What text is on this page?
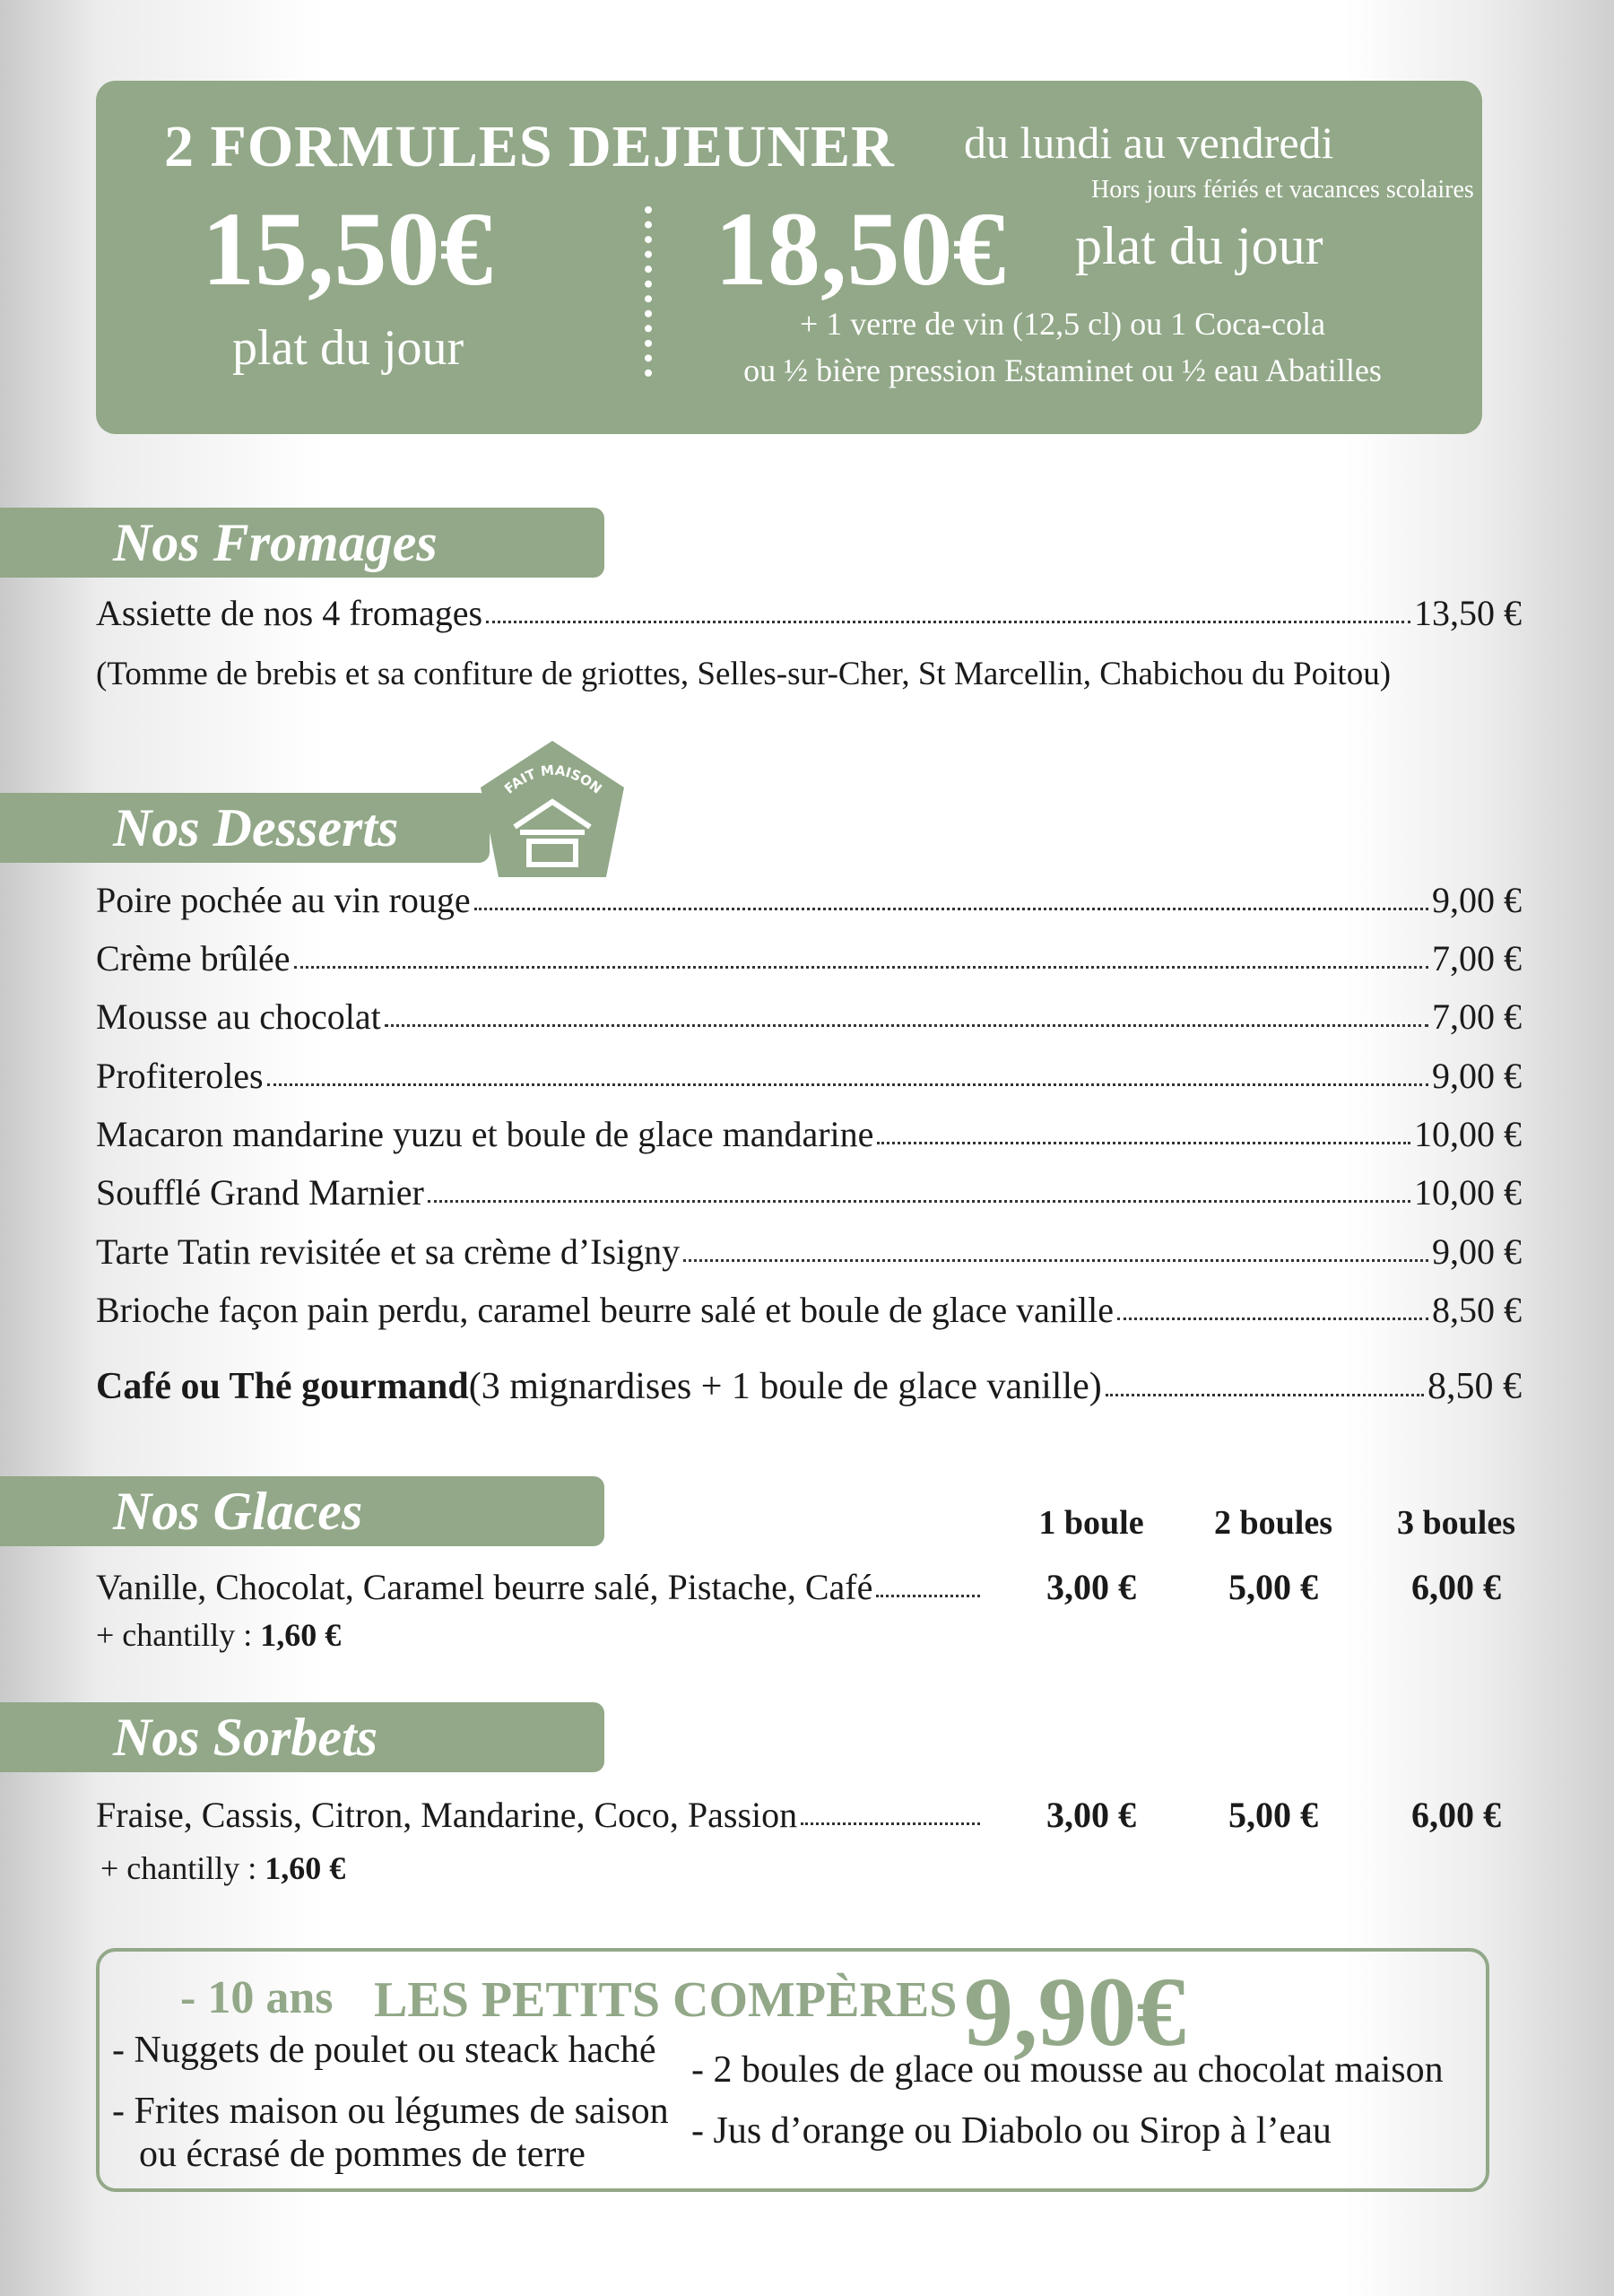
2 FORMULES DEJEUNER du lundi au vendredi
Hors jours fériés et vacances scolaires
15,50€
plat du jour
18,50€ plat du jour
+ 1 verre de vin (12,5 cl) ou 1 Coca-cola
ou ½ bière pression Estaminet ou ½ eau Abatilles
Nos Fromages
Assiette de nos 4 fromages	13,50 €
(Tomme de brebis et sa confiture de griottes, Selles-sur-Cher, St Marcellin, Chabichou du Poitou)
Nos Desserts
FAIT MAISON
Poire pochée au vin rouge	9,00 €
Crème brûlée	7,00 €
Mousse au chocolat	7,00 €
Profiteroles	9,00 €
Macaron mandarine yuzu et boule de glace mandarine	10,00 €
Soufflé Grand Marnier	10,00 €
Tarte Tatin revisitée et sa crème d’Isigny	9,00 €
Brioche façon pain perdu, caramel beurre salé et boule de glace vanille	8,50 €
Café ou Thé gourmand (3 mignardises + 1 boule de glace vanille)	8,50 €
Nos Glaces	1 boule	2 boules	3 boules
Vanille, Chocolat, Caramel beurre salé, Pistache, Café	3,00 €	5,00 €	6,00 €
+ chantilly : 1,60 €
Nos Sorbets
Fraise, Cassis, Citron, Mandarine, Coco, Passion	3,00 €	5,00 €	6,00 €
+ chantilly : 1,60 €
- 10 ans LES PETITS COMPÈRES 9,90€
- Nuggets de poulet ou steack haché
- Frites maison ou légumes de saison
ou écrasé de pommes de terre
- 2 boules de glace ou mousse au chocolat maison
- Jus d’orange ou Diabolo ou Sirop à l’eau
